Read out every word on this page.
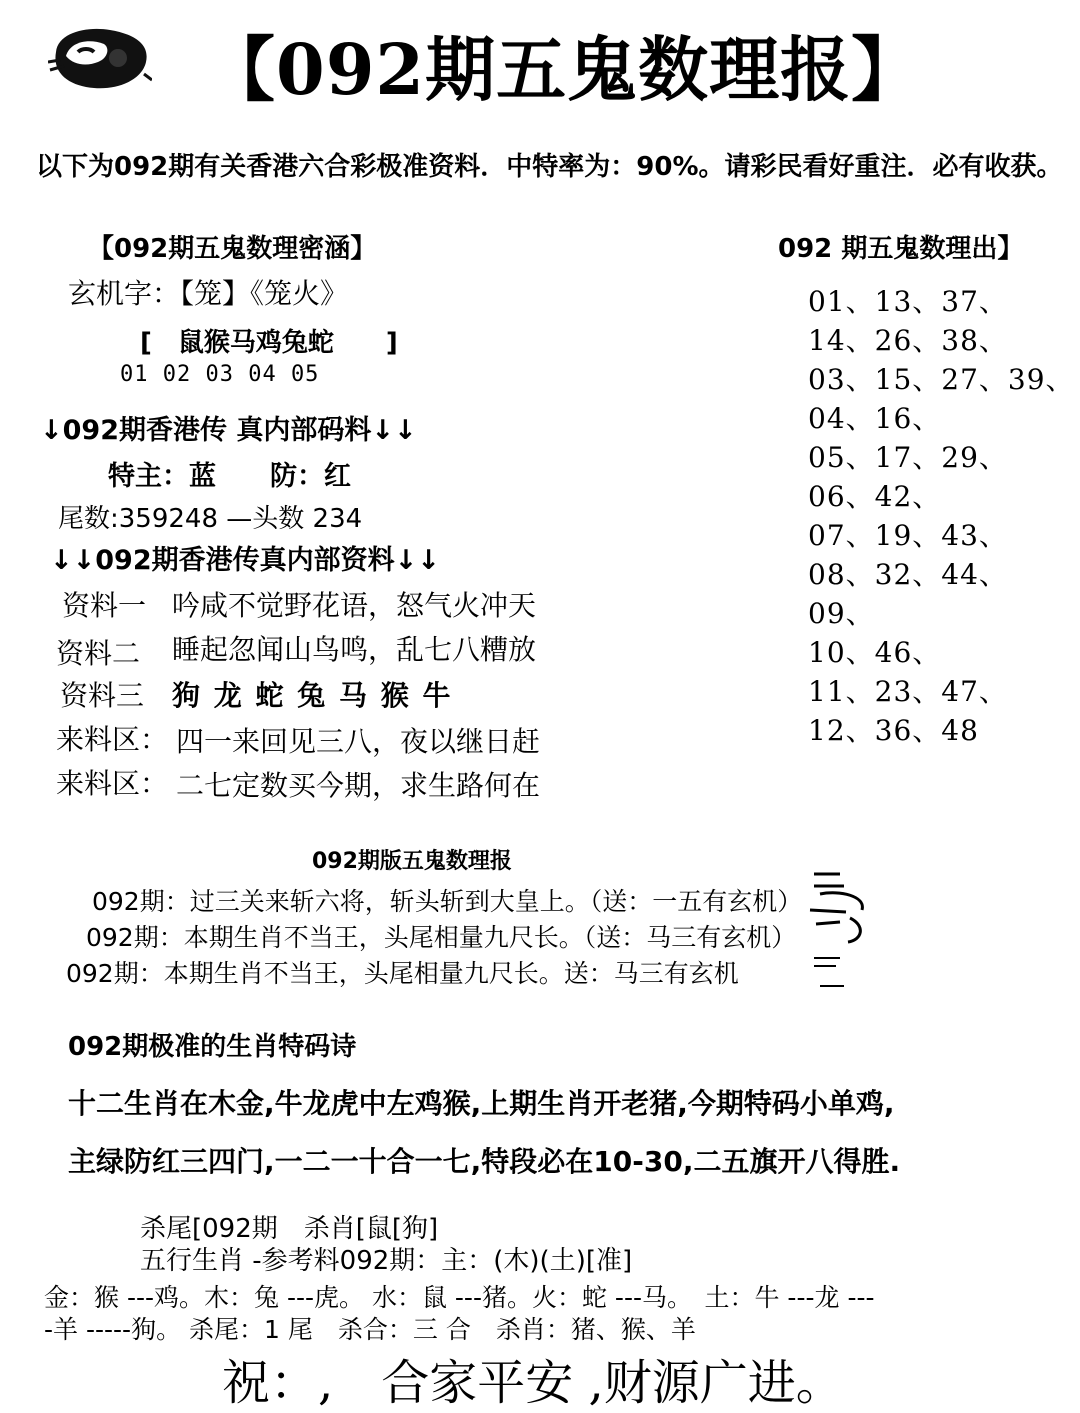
【092期五鬼数理报】
以下为092期有关香港六合彩极准资料．中特率为：90%。请彩民看好重注．必有收获。
【092期五鬼数理密涵】
玄机字：【笼】《笼火》
[　鼠猴马鸡兔蛇　　]
01 02 03 04 05
↓092期香港传 真内部码料↓↓
特主：蓝　　防：红
尾数:359248 —头数 234
↓↓092期香港传真内部资料↓↓
资料一 吟咸不觉野花语，怒气火冲天
资料二 睡起忽闻山鸟鸣，乱七八糟放
资料三 狗 龙 蛇 兔 马 猴 牛
来料区： 四一来回见三八，夜以继日赶
来料区： 二七定数买今期，求生路何在
092 期五鬼数理出】
01、13、37、
14、26、38、
03、15、27、39、
04、16、
05、17、29、
06、42、
07、19、43、
08、32、44、
09、
10、46、
11、23、47、
12、36、48
092期版五鬼数理报
092期：过三关来斩六将，斩头斩到大皇上。（送：一五有玄机）
092期：本期生肖不当王，头尾相量九尺长。（送：马三有玄机）
092期：本期生肖不当王，头尾相量九尺长。送：马三有玄机
092期极准的生肖特码诗
十二生肖在木金,牛龙虎中左鸡猴,上期生肖开老猪,今期特码小单鸡,
主绿防红三四门,一二一十合一七,特段必在10-30,二五旗开八得胜.
杀尾[092期　杀肖[鼠[狗]
五行生肖 -参考料092期：主：(木)(土)[准]
金：猴 ---鸡。木：兔 ---虎。 水：鼠 ---猪。火：蛇 ---马。　土：牛 ---龙 ---
-羊 -----狗。 杀尾：1 尾　杀合：三 合　杀肖：猪、猴、羊
祝：,　合家平安 ,财源广进。
